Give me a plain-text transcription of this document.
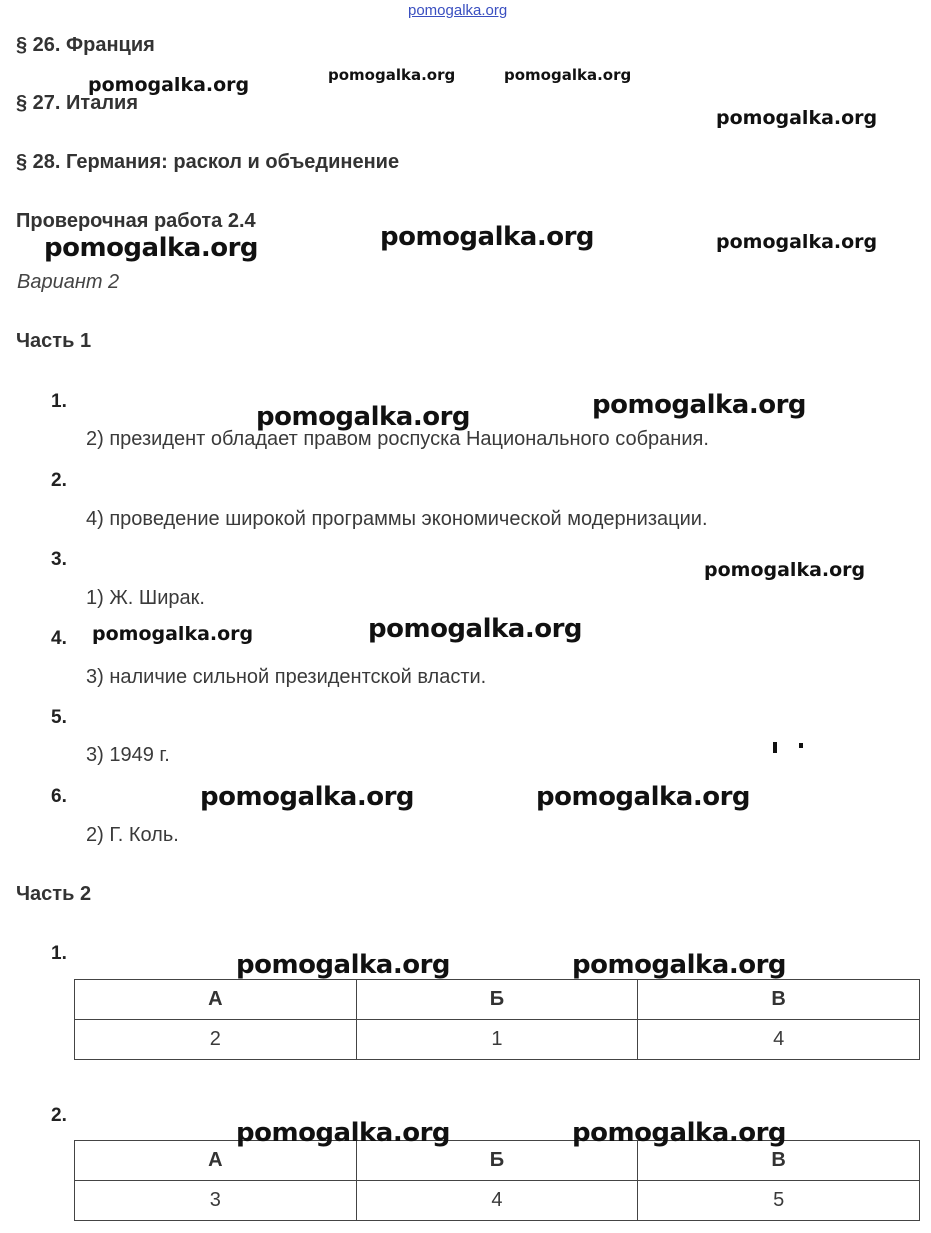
pomogalka.org
§ 26. Франция
§ 27. Италия
§ 28. Германия: раскол и объединение
Проверочная работа 2.4
Вариант 2
Часть 1
1.
2) президент обладает правом роспуска Национального собрания.
2.
4) проведение широкой программы экономической модернизации.
3.
1) Ж. Ширак.
4.
3) наличие сильной президентской власти.
5.
3) 1949 г.
6.
2) Г. Коль.
Часть 2
1.
А	Б	В
2	1	4
2.
А	Б	В
3	4	5
pomogalka.org	pomogalka.org	pomogalka.org
pomogalka.org
pomogalka.org	pomogalka.org	pomogalka.org
pomogalka.org	pomogalka.org
pomogalka.org
pomogalka.org	pomogalka.org
pomogalka.org	pomogalka.org
pomogalka.org	pomogalka.org
pomogalka.org	pomogalka.org
